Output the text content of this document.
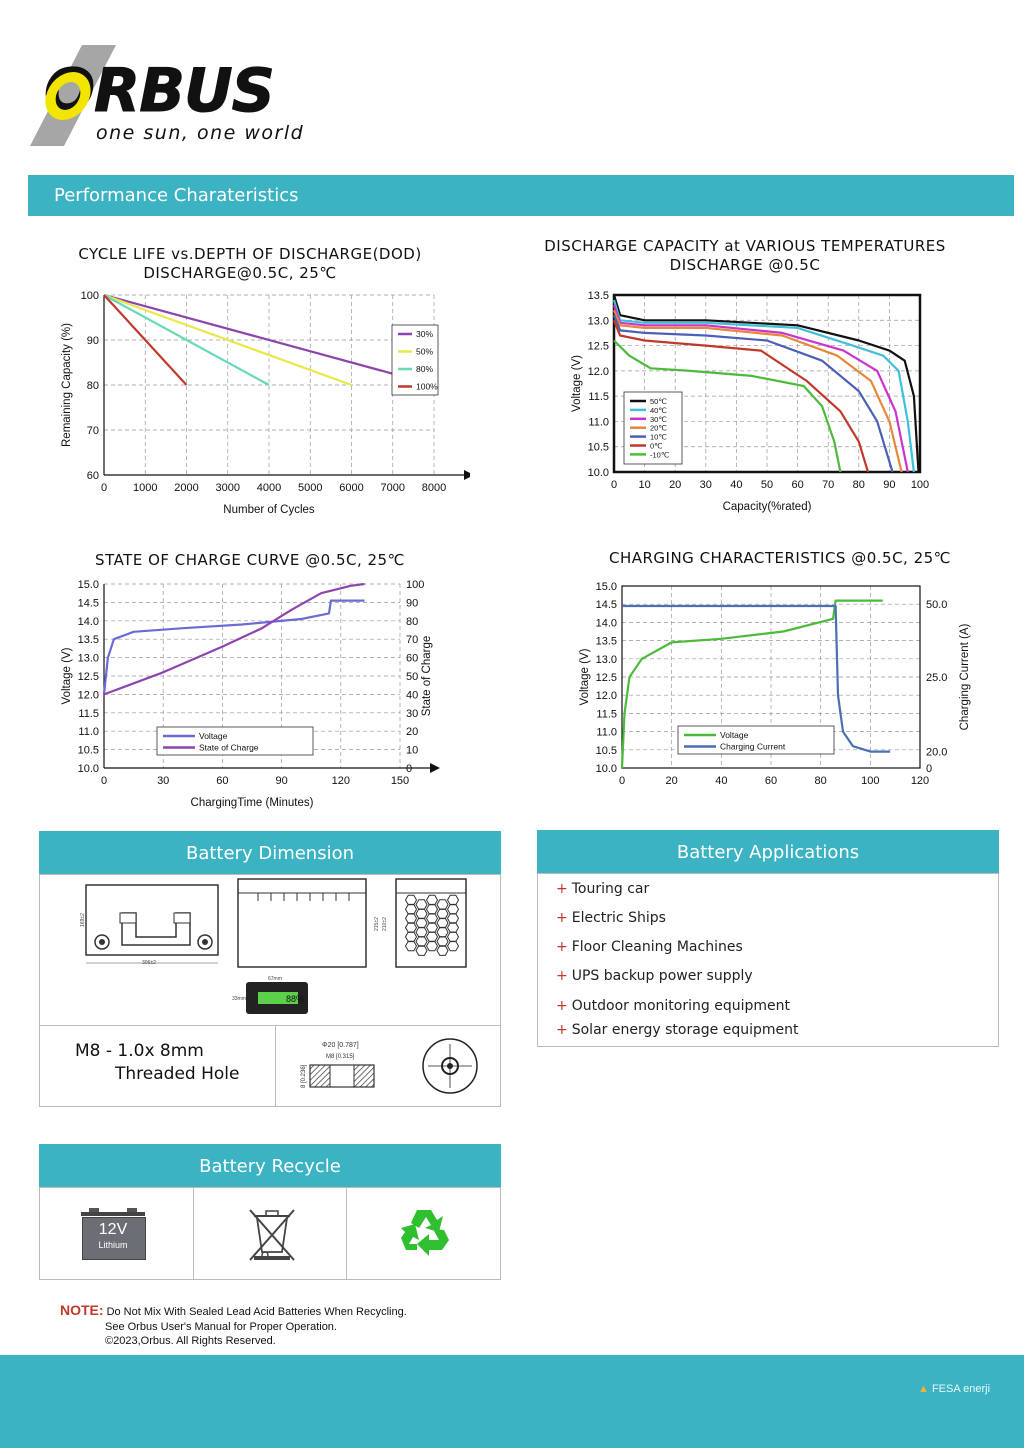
ORBUS
one sun, one world
Performance Charateristics
CYCLE LIFE vs.DEPTH OF DISCHARGE(DOD)
DISCHARGE@0.5C, 25℃
DISCHARGE CAPACITY at VARIOUS TEMPERATURES
DISCHARGE @0.5C
STATE OF CHARGE CURVE @0.5C, 25℃	CHARGING CHARACTERISTICS @0.5C, 25℃
0 1000 2000 3000 4000 5000 6000 7000 8000
60
70
80
90
100
Number of Cycles
Remaining Capacity (%)	30%
50%
80%
100%
0 10 20 30 40 50 60 70 80 90 100
10.0
10.5
11.0
11.5
12.0
12.5
13.0
13.5
Capacity(%rated)
Voltage (V)	50℃
40℃
30℃
20℃
10℃
0℃
-10℃
0	30	60	90	120	150
10.0
10.5
11.0
11.5
12.0
12.5
13.0
13.5
14.0
14.5
15.0
0
10
20
30
40
50
60
70
80
90
100
ChargingTime (Minutes)
Voltage (V)	State of Charge
Voltage
State of Charge
0	20	40	60	80	100	120
10.0
10.5
11.0
11.5
12.0
12.5
13.0
13.5
14.0
14.5
15.0
0
20.0
25.0
50.0
Voltage (V)	Charging Current (A)
Voltage
Charging Current
Battery Dimension
306±2
169±2	215±2 210±2
88%
67mm
33mm
M8 - 1.0x 8mm
Threaded Hole
Φ20 [0.787]
M8 [0.315]
8 [0.236]
Battery Applications
+ Touring car
+ Electric Ships
+ Floor Cleaning Machines
+ UPS backup power supply
+ Outdoor monitoring equipment
+ Solar energy storage equipment
Battery Recycle
12V
Lithium
NOTE: Do Not Mix With Sealed Lead Acid Batteries When Recycling.
See Orbus User's Manual for Proper Operation.
©2023,Orbus. All Rights Reserved.
▲ FESA enerji
